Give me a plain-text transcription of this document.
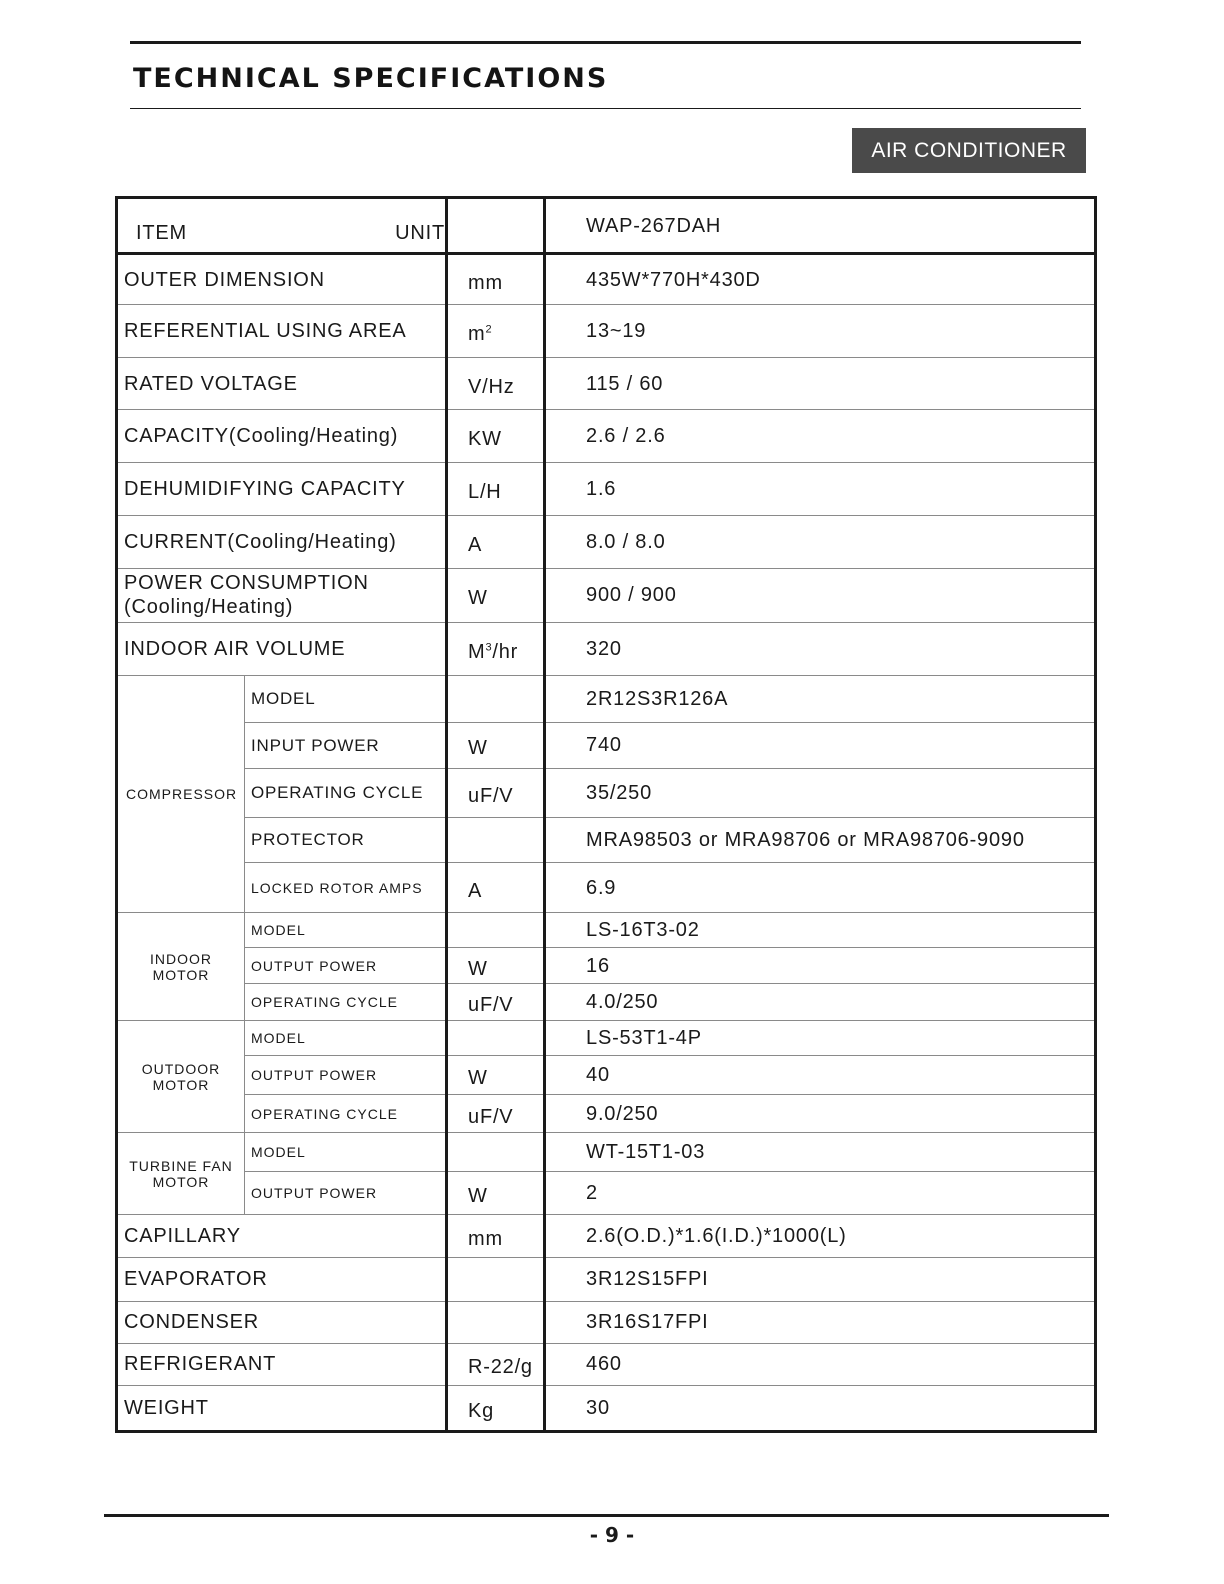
TECHNICAL SPECIFICATIONS
AIR CONDITIONER
ITEM UNIT			WAP-267DAH
OUTER DIMENSION		mm	435W*770H*430D
REFERENTIAL USING AREA		$m^2$	13~19
RATED VOLTAGE		V/Hz	115 / 60
CAPACITY(Cooling/Heating)		KW	2.6 / 2.6
DEHUMIDIFYING CAPACITY		L/H	1.6
CURRENT(Cooling/Heating)		A	8.0 / 8.0
POWER CONSUMPTION (Cooling/Heating)		W	900 / 900
INDOOR AIR VOLUME		$M^3/hr$	320
COMPRESSOR	MODEL		2R12S3R126A
	INPUT POWER	W	740
	OPERATING CYCLE	uF/V	35/250
	PROTECTOR		MRA98503 or MRA98706 or MRA98706-9090
	LOCKED ROTOR AMPS	A	6.9
INDOOR MOTOR	MODEL		LS-16T3-02
	OUTPUT POWER	W	16
	OPERATING CYCLE	uF/V	4.0/250
OUTDOOR MOTOR	MODEL		LS-53T1-4P
	OUTPUT POWER	W	40
	OPERATING CYCLE	uF/V	9.0/250
TURBINE FAN MOTOR	MODEL		WT-15T1-03
	OUTPUT POWER	W	2
CAPILLARY		mm	2.6(O.D.)*1.6(I.D.)*1000(L)
EVAPORATOR			3R12S15FPI
CONDENSER			3R16S17FPI
REFRIGERANT		R-22/g	460
WEIGHT		Kg	30
- 9 -
